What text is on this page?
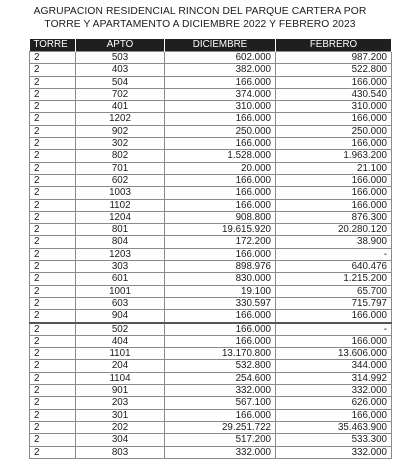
AGRUPACION RESIDENCIAL RINCON DEL PARQUE CARTERA POR
TORRE Y APARTAMENTO A DICIEMBRE 2022 Y FEBRERO 2023
TORRE	APTO	DICIEMBRE	FEBRERO
2	503	602.000	987.200
2	403	382.000	522.800
2	504	166.000	166.000
2	702	374.000	430.540
2	401	310.000	310.000
2	1202	166.000	166.000
2	902	250.000	250.000
2	302	166.000	166.000
2	802	1.528.000	1.963.200
2	701	20.000	21.100
2	602	166.000	166.000
2	1003	166.000	166.000
2	1102	166.000	166.000
2	1204	908.800	876.300
2	801	19.615.920	20.280.120
2	804	172.200	38.900
2	1203	166.000	-
2	303	898.976	640.476
2	601	830.000	1.215.200
2	1001	19.100	65.700
2	603	330.597	715.797
2	904	166.000	166.000
2	502	166.000	-
2	404	166.000	166.000
2	1101	13.170.800	13.606.000
2	204	532.800	344.000
2	1104	254.600	314.992
2	901	332.000	332.000
2	203	567.100	626.000
2	301	166.000	166.000
2	202	29.251.722	35.463.900
2	304	517.200	533.300
2	803	332.000	332.000
